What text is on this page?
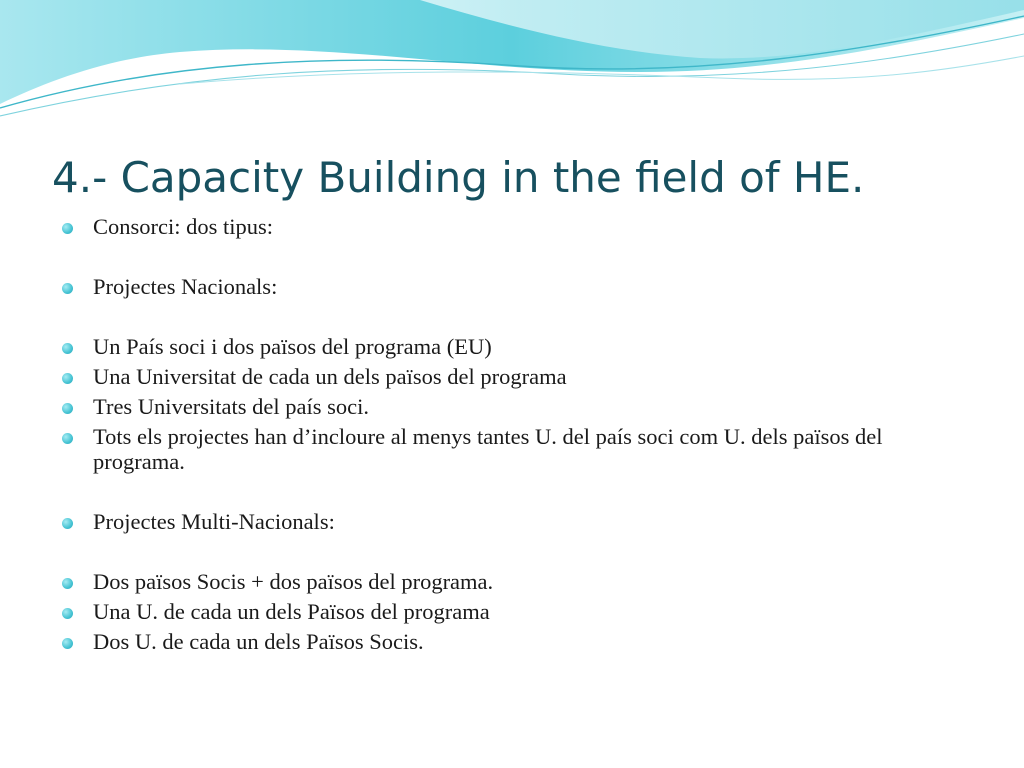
4.- Capacity Building in the field of HE.
Consorci: dos tipus:
Projectes Nacionals:
Un País soci i dos països del programa (EU)
Una Universitat de cada un dels països del programa
Tres Universitats del país soci.
Tots els projectes han d’incloure al menys tantes U. del país soci com U. dels països del programa.
Projectes Multi-Nacionals:
Dos països Socis + dos països del programa.
Una U. de cada un dels Països del programa
Dos U. de cada un dels Països Socis.
